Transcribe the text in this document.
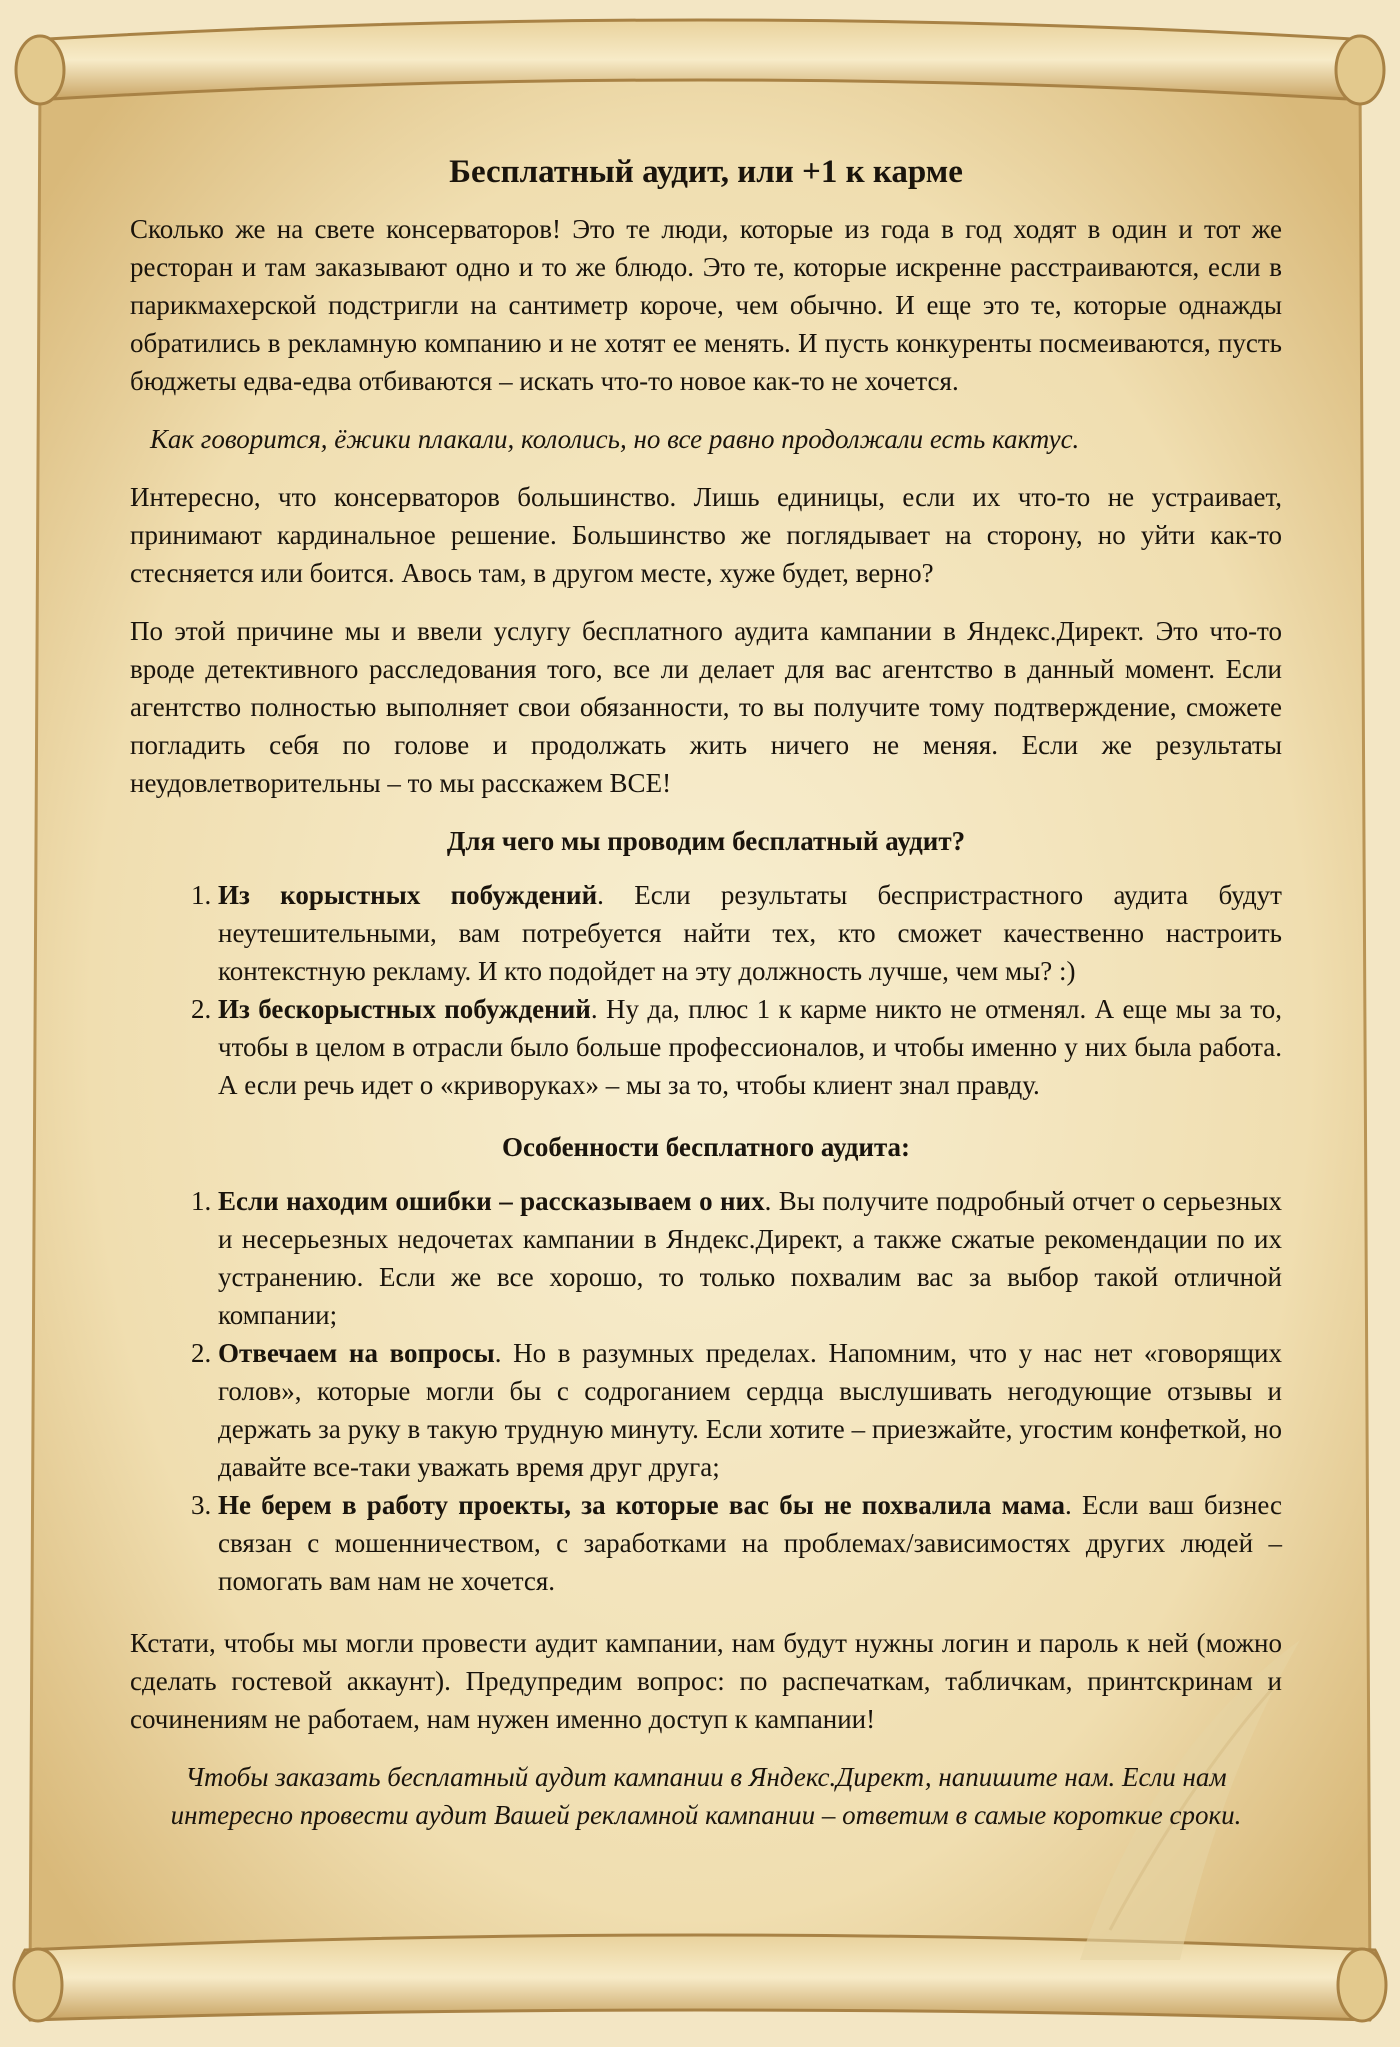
Бесплатный аудит, или +1 к карме

Сколько же на свете консерваторов! Это те люди, которые из года в год ходят в один и тот же ресторан и там заказывают одно и то же блюдо. Это те, которые искренне расстраиваются, если в парикмахерской подстригли на сантиметр короче, чем обычно. И еще это те, которые однажды обратились в рекламную компанию и не хотят ее менять. И пусть конкуренты посмеиваются, пусть бюджеты едва-едва отбиваются – искать что-то новое как-то не хочется.

Как говорится, ёжики плакали, кололись, но все равно продолжали есть кактус.

Интересно, что консерваторов большинство. Лишь единицы, если их что-то не устраивает, принимают кардинальное решение. Большинство же поглядывает на сторону, но уйти как-то стесняется или боится. Авось там, в другом месте, хуже будет, верно?

По этой причине мы и ввели услугу бесплатного аудита кампании в Яндекс.Директ. Это что-то вроде детективного расследования того, все ли делает для вас агентство в данный момент. Если агентство полностью выполняет свои обязанности, то вы получите тому подтверждение, сможете погладить себя по голове и продолжать жить ничего не меняя. Если же результаты неудовлетворительны – то мы расскажем ВСЕ!

Для чего мы проводим бесплатный аудит?
1. Из корыстных побуждений. Если результаты беспристрастного аудита будут неутешительными, вам потребуется найти тех, кто сможет качественно настроить контекстную рекламу. И кто подойдет на эту должность лучше, чем мы? :)
2. Из бескорыстных побуждений. Ну да, плюс 1 к карме никто не отменял. А еще мы за то, чтобы в целом в отрасли было больше профессионалов, и чтобы именно у них была работа. А если речь идет о «криворуках» – мы за то, чтобы клиент знал правду.
Особенности бесплатного аудита:
1. Если находим ошибки – рассказываем о них. Вы получите подробный отчет о серьезных и несерьезных недочетах кампании в Яндекс.Директ, а также сжатые рекомендации по их устранению. Если же все хорошо, то только похвалим вас за выбор такой отличной компании;
2. Отвечаем на вопросы. Но в разумных пределах. Напомним, что у нас нет «говорящих голов», которые могли бы с содроганием сердца выслушивать негодующие отзывы и держать за руку в такую трудную минуту. Если хотите – приезжайте, угостим конфеткой, но давайте все-таки уважать время друг друга;
3. Не берем в работу проекты, за которые вас бы не похвалила мама. Если ваш бизнес связан с мошенничеством, с заработками на проблемах/зависимостях других людей – помогать вам нам не хочется.

Кстати, чтобы мы могли провести аудит кампании, нам будут нужны логин и пароль к ней (можно сделать гостевой аккаунт). Предупредим вопрос: по распечаткам, табличкам, принтскринам и сочинениям не работаем, нам нужен именно доступ к кампании!

Чтобы заказать бесплатный аудит кампании в Яндекс.Директ, напишите нам. Если нам интересно провести аудит Вашей рекламной кампании – ответим в самые короткие сроки.
